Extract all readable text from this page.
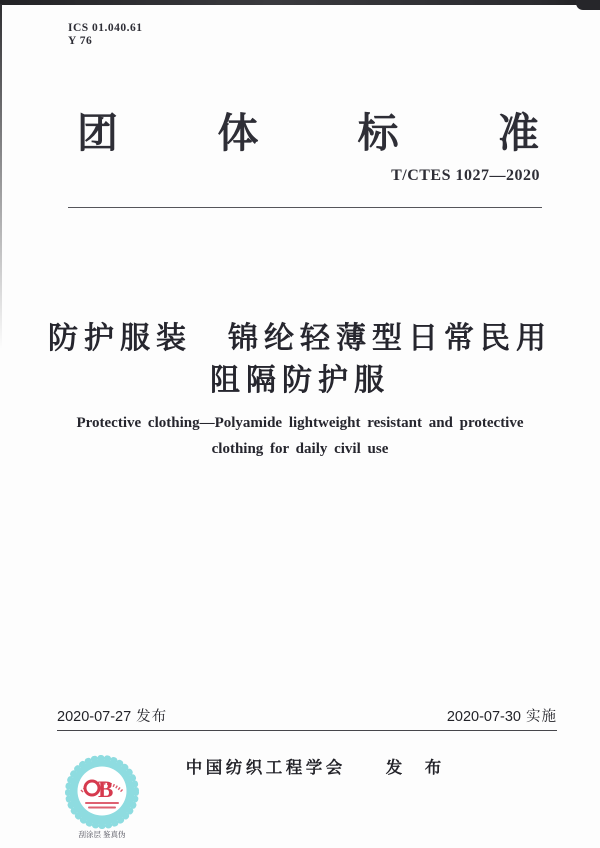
ICS 01.040.61
Y 76
团 体 标 准
T/CTES 1027—2020
防护服装　锦纶轻薄型日常民用
阻隔防护服
Protective clothing—Polyamide lightweight resistant and protective
clothing for daily civil use
2020-07-27 发布	2020-07-30 实施
中国纺织工程学会 发 布
B
刮涂层 鉴真伪
